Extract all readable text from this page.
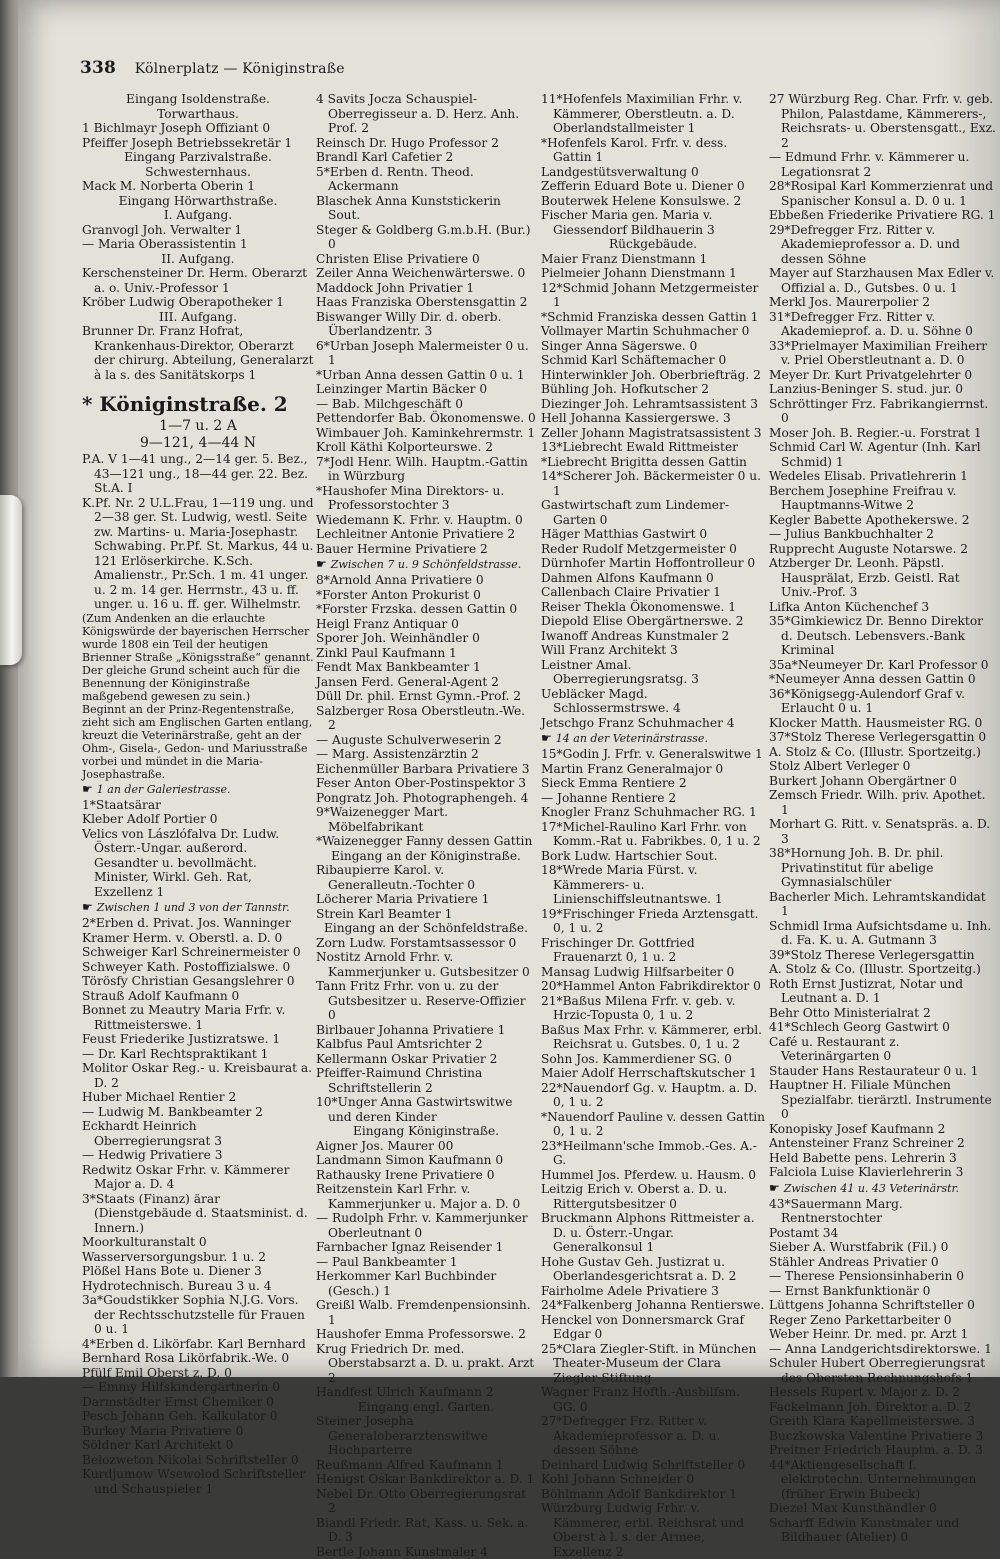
338 Kölnerplatz — Königinstraße

Eingang Isoldenstraße.

Torwarthaus.

1 Bichlmayr Joseph Offiziant 0

Pfeiffer Joseph Betriebssekretär 1

Eingang Parzivalstraße.

Schwesternhaus.

Mack M. Norberta Oberin 1

Eingang Hörwarthstraße.

I. Aufgang.

Granvogl Joh. Verwalter 1

— Maria Oberassistentin 1

II. Aufgang.

Kerschensteiner Dr. Herm. Oberarzt a. o. Univ.-Professor 1

Kröber Ludwig Oberapotheker 1

III. Aufgang.

Brunner Dr. Franz Hofrat, Krankenhaus-Direktor, Oberarzt der chirurg. Abteilung, Generalarzt à la s. des Sanitätskorps 1

* Königinstraße. 2

1—7 u. 2 A

9—121, 4—44 N

P.A. V 1—41 ung., 2—14 ger. 5. Bez., 43—121 ung., 18—44 ger. 22. Bez. St.A. I

K.Pf. Nr. 2 U.L.Frau, 1—119 ung. und 2—38 ger. St. Ludwig, westl. Seite zw. Martins- u. Maria-Josephastr. Schwabing. Pr.Pf. St. Markus, 44 u. 121 Erlöserkirche. K.Sch. Amalienstr., Pr.Sch. 1 m. 41 unger. u. 2 m. 14 ger. Herrnstr., 43 u. ff. unger. u. 16 u. ff. ger. Wilhelmstr.

(Zum Andenken an die erlauchte Königswürde der bayerischen Herrscher wurde 1808 ein Teil der heutigen Brienner Straße „Königsstraße“ genannt. Der gleiche Grund scheint auch für die Benennung der Königinstraße maßgebend gewesen zu sein.)

Beginnt an der Prinz-Regentenstraße, zieht sich am Englischen Garten entlang, kreuzt die Veterinärstraße, geht an der Ohm-, Gisela-, Gedon- und Mariusstraße vorbei und mündet in die Maria-Josephastraße.

☛ 1 an der Galeriestrasse.

1*Staatsärar

Kleber Adolf Portier 0

Velics von Lászlófalva Dr. Ludw. Österr.-Ungar. außerord. Gesandter u. bevollmächt. Minister, Wirkl. Geh. Rat, Exzellenz 1

☛ Zwischen 1 und 3 von der Tannstr.

2*Erben d. Privat. Jos. Wanninger

Kramer Herm. v. Oberstl. a. D. 0

Schweiger Karl Schreinermeister 0

Schweyer Kath. Postoffizialswe. 0

Törösfy Christian Gesangslehrer 0

Strauß Adolf Kaufmann 0

Bonnet zu Meautry Maria Frfr. v. Rittmeisterswe. 1

Feust Friederike Justizratswe. 1

— Dr. Karl Rechtspraktikant 1

Molitor Oskar Reg.- u. Kreisbaurat a. D. 2

Huber Michael Rentier 2

— Ludwig M. Bankbeamter 2

Eckhardt Heinrich Oberregierungsrat 3

— Hedwig Privatiere 3

Redwitz Oskar Frhr. v. Kämmerer Major a. D. 4

3*Staats (Finanz) ärar (Dienstgebäude d. Staatsminist. d. Innern.)

Moorkulturanstalt 0

Wasserversorgungsbur. 1 u. 2

Plößel Hans Bote u. Diener 3

Hydrotechnisch. Bureau 3 u. 4

3a*Goudstikker Sophia N.J.G. Vors. der Rechtsschutzstelle für Frauen 0 u. 1

4*Erben d. Likörfabr. Karl Bernhard

Bernhard Rosa Likörfabrik.-We. 0

Pfülf Emil Oberst z. D. 0

— Emmy Hilfskindergärtnerin 0

Darmstädter Ernst Chemiker 0

Pesch Johann Geh. Kalkulator 0

Burkey Maria Privatiere 0

Söldner Karl Architekt 0

Belozweton Nikolai Schriftsteller 0

Kurdjumow Wsewolod Schriftsteller und Schauspieler 1

4 Savits Jocza Schauspiel-Oberregisseur a. D. Herz. Anh. Prof. 2

Reinsch Dr. Hugo Professor 2

Brandl Karl Cafetier 2

5*Erben d. Rentn. Theod. Ackermann

Blaschek Anna Kunststickerin Sout.

Steger & Goldberg G.m.b.H. (Bur.) 0

Christen Elise Privatiere 0

Zeiler Anna Weichenwärterswe. 0

Maddock John Privatier 1

Haas Franziska Oberstensgattin 2

Biswanger Willy Dir. d. oberb. Überlandzentr. 3

6*Urban Joseph Malermeister 0 u. 1

*Urban Anna dessen Gattin 0 u. 1

Leinzinger Martin Bäcker 0

— Bab. Milchgeschäft 0

Pettendorfer Bab. Ökonomenswe. 0

Wimbauer Joh. Kaminkehrermstr. 1

Kroll Käthi Kolporteurswe. 2

7*Jodl Henr. Wilh. Hauptm.-Gattin in Würzburg

*Haushofer Mina Direktors- u. Professorstochter 3

Wiedemann K. Frhr. v. Hauptm. 0

Lechleitner Antonie Privatiere 2

Bauer Hermine Privatiere 2

☛ Zwischen 7 u. 9 Schönfeldstrasse.

8*Arnold Anna Privatiere 0

*Forster Anton Prokurist 0

*Forster Frzska. dessen Gattin 0

Heigl Franz Antiquar 0

Sporer Joh. Weinhändler 0

Zinkl Paul Kaufmann 1

Fendt Max Bankbeamter 1

Jansen Ferd. General-Agent 2

Düll Dr. phil. Ernst Gymn.-Prof. 2

Salzberger Rosa Oberstleutn.-We. 2

— Auguste Schulverweserin 2

— Marg. Assistenzärztin 2

Eichenmüller Barbara Privatiere 3

Feser Anton Ober-Postinspektor 3

Pongratz Joh. Photographengeh. 4

9*Waizenegger Mart. Möbelfabrikant

*Waizenegger Fanny dessen Gattin

Eingang an der Königinstraße.

Ribaupierre Karol. v. Generalleutn.-Tochter 0

Löcherer Maria Privatiere 1

Strein Karl Beamter 1

Eingang an der Schönfeldstraße.

Zorn Ludw. Forstamtsassessor 0

Nostitz Arnold Frhr. v. Kammerjunker u. Gutsbesitzer 0

Tann Fritz Frhr. von u. zu der Gutsbesitzer u. Reserve-Offizier 0

Birlbauer Johanna Privatiere 1

Kalbfus Paul Amtsrichter 2

Kellermann Oskar Privatier 2

Pfeiffer-Raimund Christina Schriftstellerin 2

10*Unger Anna Gastwirtswitwe und deren Kinder

Eingang Königinstraße.

Aigner Jos. Maurer 00

Landmann Simon Kaufmann 0

Rathausky Irene Privatiere 0

Reitzenstein Karl Frhr. v. Kammerjunker u. Major a. D. 0

— Rudolph Frhr. v. Kammerjunker Oberleutnant 0

Farnbacher Ignaz Reisender 1

— Paul Bankbeamter 1

Herkommer Karl Buchbinder (Gesch.) 1

Greißl Walb. Fremdenpensionsinh. 1

Haushofer Emma Professorswe. 2

Krug Friedrich Dr. med. Oberstabsarzt a. D. u. prakt. Arzt 2

Handfest Ulrich Kaufmann 2

Eingang engl. Garten.

Steiner Josepha Generaloberarztenswitwe Hochparterre

Reußmann Alfred Kaufmann 1

Henigst Oskar Bankdirektor a. D. 1

Nebel Dr. Otto Oberregierungsrat 2

Biandl Friedr. Rat, Kass. u. Sek. a. D. 3

Bertle Johann Kunstmaler 4

11*Hofenfels Maximilian Frhr. v. Kämmerer, Oberstleutn. a. D. Oberlandstallmeister 1

*Hofenfels Karol. Frfr. v. dess. Gattin 1

Landgestütsverwaltung 0

Zefferin Eduard Bote u. Diener 0

Bouterwek Helene Konsulswe. 2

Fischer Maria gen. Maria v. Giessendorf Bildhauerin 3

Rückgebäude.

Maier Franz Dienstmann 1

Pielmeier Johann Dienstmann 1

12*Schmid Johann Metzgermeister 1

*Schmid Franziska dessen Gattin 1

Vollmayer Martin Schuhmacher 0

Singer Anna Sägerswe. 0

Schmid Karl Schäftemacher 0

Hinterwinkler Joh. Oberbriefträg. 2

Bühling Joh. Hofkutscher 2

Diezinger Joh. Lehramtsassistent 3

Hell Johanna Kassiergerswe. 3

Zeller Johann Magistratsassistent 3

13*Liebrecht Ewald Rittmeister

*Liebrecht Brigitta dessen Gattin

14*Scherer Joh. Bäckermeister 0 u. 1

Gastwirtschaft zum Lindemer-Garten 0

Häger Matthias Gastwirt 0

Reder Rudolf Metzgermeister 0

Dürnhofer Martin Hoffontrolleur 0

Dahmen Alfons Kaufmann 0

Callenbach Claire Privatier 1

Reiser Thekla Ökonomenswe. 1

Diepold Elise Obergärtnerswe. 2

Iwanoff Andreas Kunstmaler 2

Will Franz Architekt 3

Leistner Amal. Oberregierungsratsg. 3

Uebläcker Magd. Schlossermstrswe. 4

Jetschgo Franz Schuhmacher 4

☛ 14 an der Veterinärstrasse.

15*Godin J. Frfr. v. Generalswitwe 1

Martin Franz Generalmajor 0

Sieck Emma Rentiere 2

— Johanne Rentiere 2

Knogler Franz Schuhmacher RG. 1

17*Michel-Raulino Karl Frhr. von Komm.-Rat u. Fabrikbes. 0, 1 u. 2

Bork Ludw. Hartschier Sout.

18*Wrede Maria Fürst. v. Kämmerers- u. Linienschiffsleutnantswe. 1

19*Frischinger Frieda Arztensgatt. 0, 1 u. 2

Frischinger Dr. Gottfried Frauenarzt 0, 1 u. 2

Mansag Ludwig Hilfsarbeiter 0

20*Hammel Anton Fabrikdirektor 0

21*Baßus Milena Frfr. v. geb. v. Hrzic-Topusta 0, 1 u. 2

Baßus Max Frhr. v. Kämmerer, erbl. Reichsrat u. Gutsbes. 0, 1 u. 2

Sohn Jos. Kammerdiener SG. 0

Maier Adolf Herrschaftskutscher 1

22*Nauendorf Gg. v. Hauptm. a. D. 0, 1 u. 2

*Nauendorf Pauline v. dessen Gattin 0, 1 u. 2

23*Heilmann'sche Immob.-Ges. A.-G.

Hummel Jos. Pferdew. u. Hausm. 0

Leitzig Erich v. Oberst a. D. u. Rittergutsbesitzer 0

Bruckmann Alphons Rittmeister a. D. u. Österr.-Ungar. Generalkonsul 1

Hohe Gustav Geh. Justizrat u. Oberlandesgerichtsrat a. D. 2

Fairholme Adele Privatiere 3

24*Falkenberg Johanna Rentierswe.

Henckel von Donnersmarck Graf Edgar 0

25*Clara Ziegler-Stift. in München Theater-Museum der Clara Ziegler-Stiftung

Wagner Franz Hofth.-Ausbilfsm. GG. 0

27*Defregger Frz. Ritter v. Akademieprofessor a. D. u. dessen Söhne

Deinhard Ludwig Schriftsteller 0

Kohl Johann Schneider 0

Böhlmann Adolf Bankdirektor 1

Würzburg Ludwig Frhr. v. Kämmerer, erbl. Reichsrat und Oberst à l. s. der Armee, Exzellenz 2

27 Würzburg Reg. Char. Frfr. v. geb. Philon, Palastdame, Kämmerers-, Reichsrats- u. Oberstensgatt., Exz. 2

— Edmund Frhr. v. Kämmerer u. Legationsrat 2

28*Rosipal Karl Kommerzienrat und Spanischer Konsul a. D. 0 u. 1

Ebbeßen Friederike Privatiere RG. 1

29*Defregger Frz. Ritter v. Akademieprofessor a. D. und dessen Söhne

Mayer auf Starzhausen Max Edler v. Offizial a. D., Gutsbes. 0 u. 1

Merkl Jos. Maurerpolier 2

31*Defregger Frz. Ritter v. Akademieprof. a. D. u. Söhne 0

33*Prielmayer Maximilian Freiherr v. Priel Oberstleutnant a. D. 0

Meyer Dr. Kurt Privatgelehrter 0

Lanzius-Beninger S. stud. jur. 0

Schröttinger Frz. Fabrikangierrnst. 0

Moser Joh. B. Regier.-u. Forstrat 1

Schmid Carl W. Agentur (Inh. Karl Schmid) 1

Wedeles Elisab. Privatlehrerin 1

Berchem Josephine Freifrau v. Hauptmanns-Witwe 2

Kegler Babette Apothekerswe. 2

— Julius Bankbuchhalter 2

Rupprecht Auguste Notarswe. 2

Atzberger Dr. Leonh. Päpstl. Hausprälat, Erzb. Geistl. Rat Univ.-Prof. 3

Lifka Anton Küchenchef 3

35*Gimkiewicz Dr. Benno Direktor d. Deutsch. Lebensvers.-Bank Kriminal

35a*Neumeyer Dr. Karl Professor 0

*Neumeyer Anna dessen Gattin 0

36*Königsegg-Aulendorf Graf v. Erlaucht 0 u. 1

Klocker Matth. Hausmeister RG. 0

37*Stolz Therese Verlegersgattin 0

A. Stolz & Co. (Illustr. Sportzeitg.)

Stolz Albert Verleger 0

Burkert Johann Obergärtner 0

Zemsch Friedr. Wilh. priv. Apothet. 1

Morhart G. Ritt. v. Senatspräs. a. D. 3

38*Hornung Joh. B. Dr. phil. Privatinstitut für abelige Gymnasialschüler

Bacherler Mich. Lehramtskandidat 1

Schmidl Irma Aufsichtsdame u. Inh. d. Fa. K. u. A. Gutmann 3

39*Stolz Therese Verlegersgattin

A. Stolz & Co. (Illustr. Sportzeitg.)

Roth Ernst Justizrat, Notar und Leutnant a. D. 1

Behr Otto Ministerialrat 2

41*Schlech Georg Gastwirt 0

Café u. Restaurant z. Veterinärgarten 0

Stauder Hans Restaurateur 0 u. 1

Hauptner H. Filiale München Spezialfabr. tierärztl. Instrumente 0

Konopisky Josef Kaufmann 2

Antensteiner Franz Schreiner 2

Held Babette pens. Lehrerin 3

Falciola Luise Klavierlehrerin 3

☛ Zwischen 41 u. 43 Veterinärstr.

43*Sauermann Marg. Rentnerstochter

Postamt 34

Sieber A. Wurstfabrik (Fil.) 0

Stähler Andreas Privatier 0

— Therese Pensionsinhaberin 0

— Ernst Bankfunktionär 0

Lüttgens Johanna Schriftsteller 0

Reger Zeno Parkettarbeiter 0

Weber Heinr. Dr. med. pr. Arzt 1

— Anna Landgerichtsdirektorswe. 1

Schuler Hubert Oberregierungsrat des Obersten Rechnungshofs 1

Hessels Rupert v. Major z. D. 2

Fackelmann Joh. Direktor a. D. 2

Greith Klara Kapellmeisterswe. 3

Buczkowska Valentine Privatiere 3

Preitner Friedrich Hauptm. a. D. 3

44*Aktiengesellschaft f. elektrotechn. Unternehmungen (früher Erwin Bubeck)

Diezel Max Kunsthändler 0

Scharff Edwin Kunstmaler und Bildhauer (Atelier) 0
